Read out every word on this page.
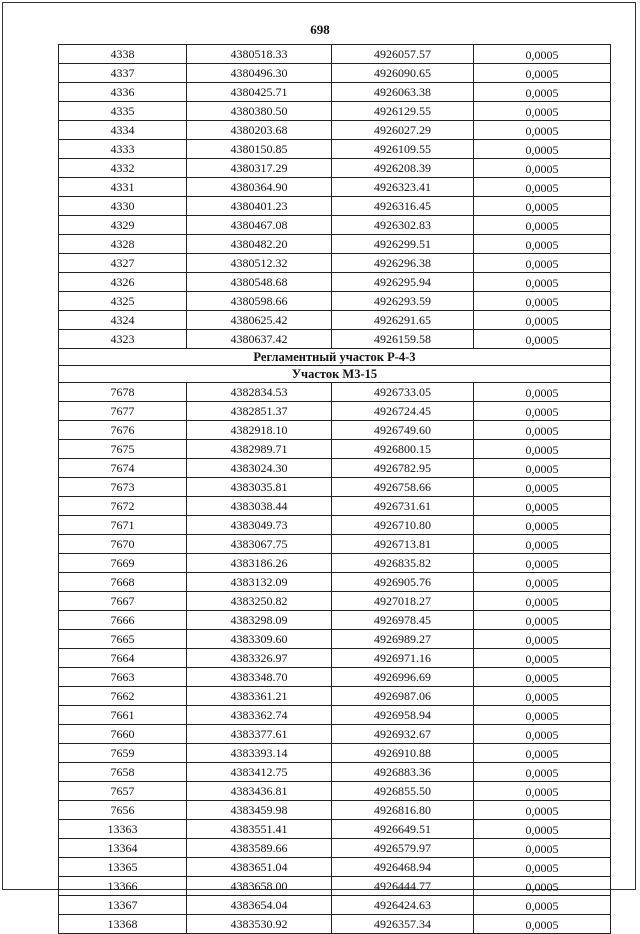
698
4338	4380518.33	4926057.57	0,0005
4337	4380496.30	4926090.65	0,0005
4336	4380425.71	4926063.38	0,0005
4335	4380380.50	4926129.55	0,0005
4334	4380203.68	4926027.29	0,0005
4333	4380150.85	4926109.55	0,0005
4332	4380317.29	4926208.39	0,0005
4331	4380364.90	4926323.41	0,0005
4330	4380401.23	4926316.45	0,0005
4329	4380467.08	4926302.83	0,0005
4328	4380482.20	4926299.51	0,0005
4327	4380512.32	4926296.38	0,0005
4326	4380548.68	4926295.94	0,0005
4325	4380598.66	4926293.59	0,0005
4324	4380625.42	4926291.65	0,0005
4323	4380637.42	4926159.58	0,0005
Регламентный участок Р-4-3			
Участок М3-15			
7678	4382834.53	4926733.05	0,0005
7677	4382851.37	4926724.45	0,0005
7676	4382918.10	4926749.60	0,0005
7675	4382989.71	4926800.15	0,0005
7674	4383024.30	4926782.95	0,0005
7673	4383035.81	4926758.66	0,0005
7672	4383038.44	4926731.61	0,0005
7671	4383049.73	4926710.80	0,0005
7670	4383067.75	4926713.81	0,0005
7669	4383186.26	4926835.82	0,0005
7668	4383132.09	4926905.76	0,0005
7667	4383250.82	4927018.27	0,0005
7666	4383298.09	4926978.45	0,0005
7665	4383309.60	4926989.27	0,0005
7664	4383326.97	4926971.16	0,0005
7663	4383348.70	4926996.69	0,0005
7662	4383361.21	4926987.06	0,0005
7661	4383362.74	4926958.94	0,0005
7660	4383377.61	4926932.67	0,0005
7659	4383393.14	4926910.88	0,0005
7658	4383412.75	4926883.36	0,0005
7657	4383436.81	4926855.50	0,0005
7656	4383459.98	4926816.80	0,0005
13363	4383551.41	4926649.51	0,0005
13364	4383589.66	4926579.97	0,0005
13365	4383651.04	4926468.94	0,0005
13366	4383658.00	4926444.77	0,0005
13367	4383654.04	4926424.63	0,0005
13368	4383530.92	4926357.34	0,0005
